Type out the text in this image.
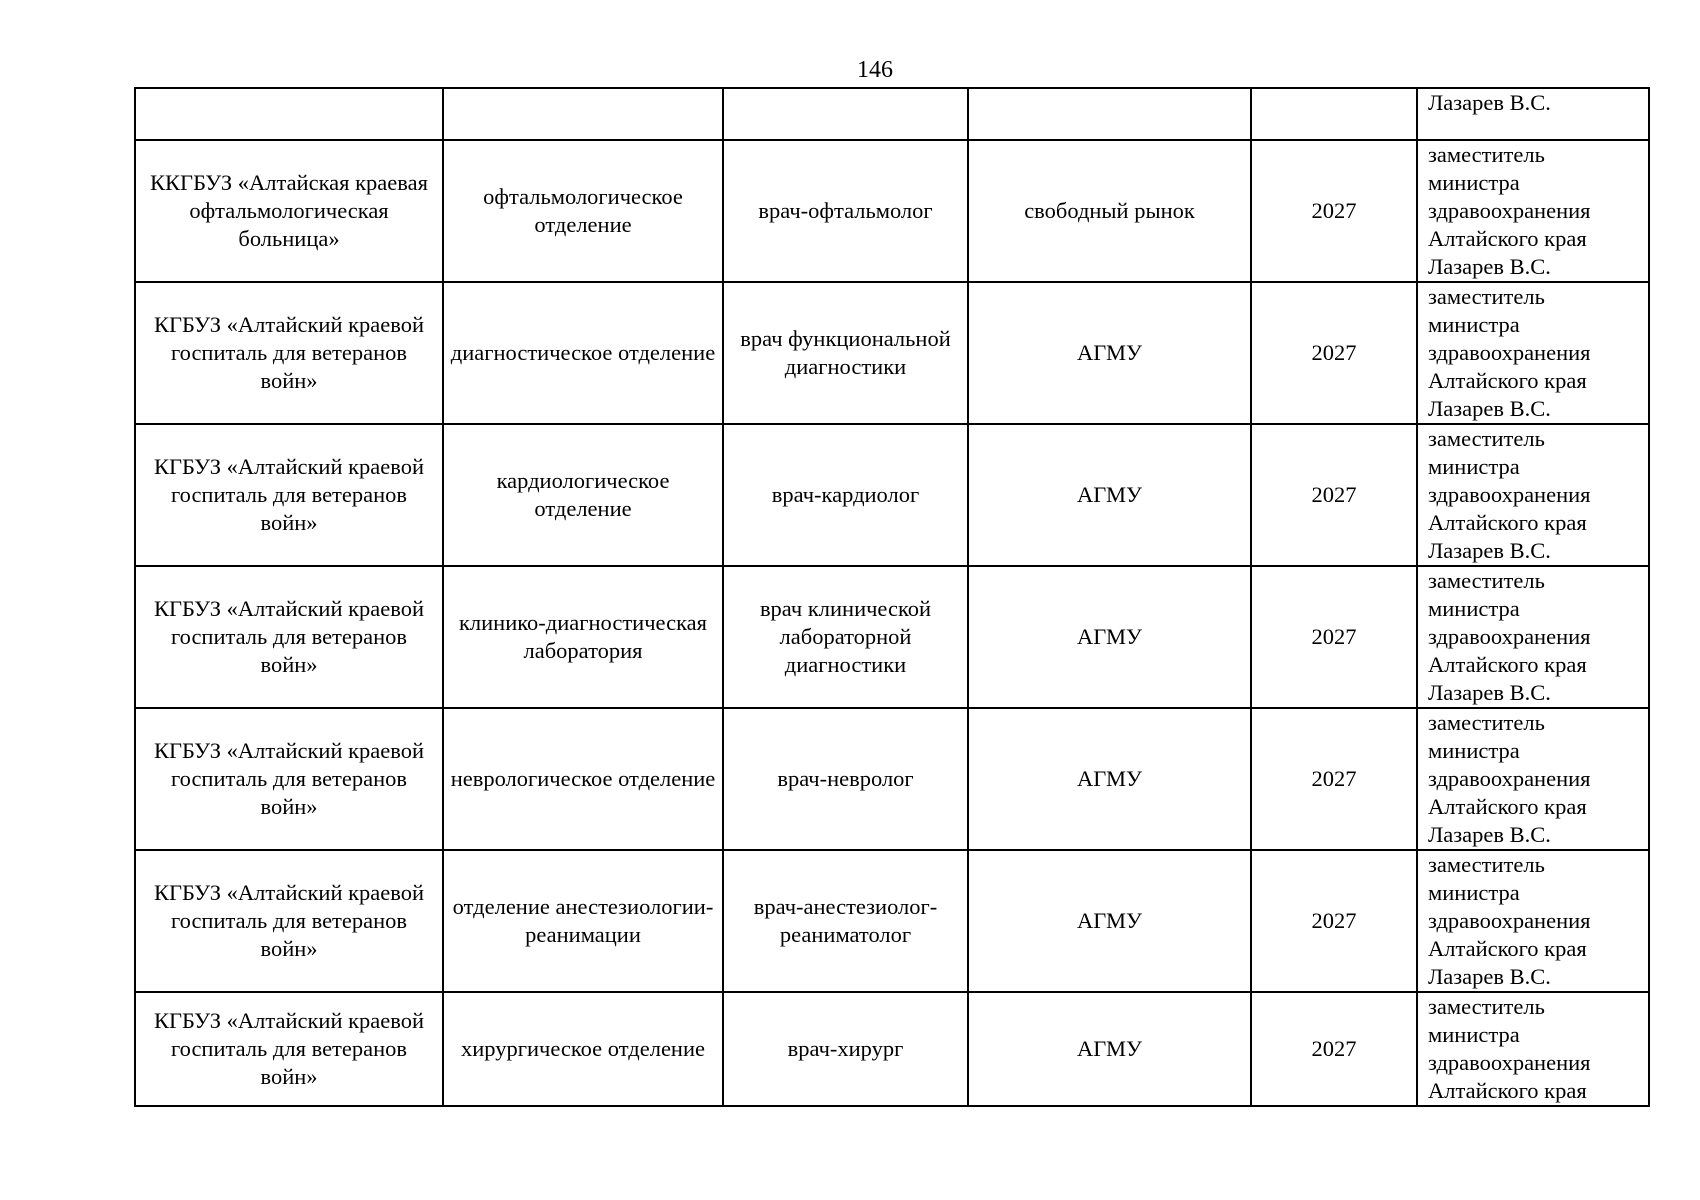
146

					Лазарев В.С.

ККГБУЗ «Алтайская краевая офтальмологическая больница»	офтальмологическое отделение	врач-офтальмолог	свободный рынок	2027	заместитель
министра
здравоохранения
Алтайского края
Лазарев В.С.

КГБУЗ «Алтайский краевой госпиталь для ветеранов войн»	диагностическое отделение	врач функциональной диагностики	АГМУ	2027	заместитель
министра
здравоохранения
Алтайского края
Лазарев В.С.

КГБУЗ «Алтайский краевой госпиталь для ветеранов войн»	кардиологическое отделение	врач-кардиолог	АГМУ	2027	заместитель
министра
здравоохранения
Алтайского края
Лазарев В.С.

КГБУЗ «Алтайский краевой госпиталь для ветеранов войн»	клинико-диагностическая лаборатория	врач клинической лабораторной диагностики	АГМУ	2027	заместитель
министра
здравоохранения
Алтайского края
Лазарев В.С.

КГБУЗ «Алтайский краевой госпиталь для ветеранов войн»	неврологическое отделение	врач-невролог	АГМУ	2027	заместитель
министра
здравоохранения
Алтайского края
Лазарев В.С.

КГБУЗ «Алтайский краевой госпиталь для ветеранов войн»	отделение анестезиологии-реанимации	врач-анестезиолог-реаниматолог	АГМУ	2027	заместитель
министра
здравоохранения
Алтайского края
Лазарев В.С.

КГБУЗ «Алтайский краевой госпиталь для ветеранов войн»	хирургическое отделение	врач-хирург	АГМУ	2027	заместитель
министра
здравоохранения
Алтайского края
